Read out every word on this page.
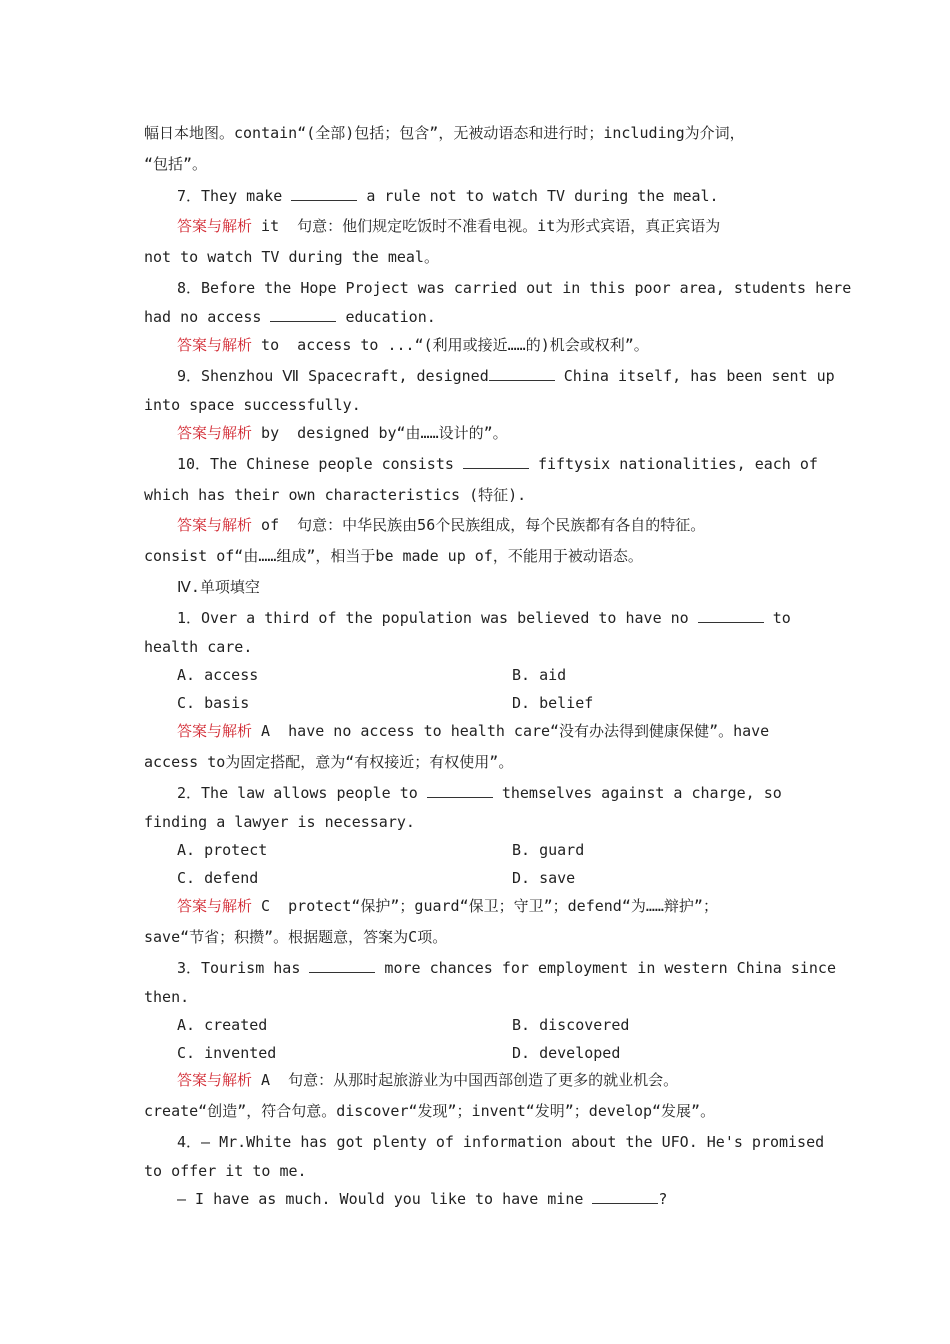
幅日本地图。contain“(全部)包括；包含”，无被动语态和进行时；including为介词，
“包括”。
7．They make	a rule not to watch TV during the meal.
答案与解析 it  句意：他们规定吃饭时不准看电视。it为形式宾语，真正宾语为
not to watch TV during the meal。
8．Before the Hope Project was carried out in this poor area, students here
had no access	education.
答案与解析 to  access to ...“(利用或接近……的)机会或权利”。
9．Shenzhou Ⅶ Spacecraft, designed	China itself, has been sent up
into space successfully.
答案与解析 by  designed by“由……设计的”。
10．The Chinese people consists	fiftysix nationalities, each of
which has their own characteristics (特征).
答案与解析 of  句意：中华民族由56个民族组成，每个民族都有各自的特征。
consist of“由……组成”，相当于be made up of，不能用于被动语态。
Ⅳ.单项填空
1．Over a third of the population was believed to have no	to
health care.
A. access	B. aid
C. basis	D. belief
答案与解析 A  have no access to health care“没有办法得到健康保健”。have
access to为固定搭配，意为“有权接近；有权使用”。
2．The law allows people to	themselves against a charge, so
finding a lawyer is necessary.
A. protect	B. guard
C. defend	D. save
答案与解析 C  protect“保护”；guard“保卫；守卫”；defend“为……辩护”；
save“节省；积攒”。根据题意，答案为C项。
3．Tourism has	more chances for employment in western China since
then.
A. created	B. discovered
C. invented	D. developed
答案与解析 A  句意：从那时起旅游业为中国西部创造了更多的就业机会。
create“创造”，符合句意。discover“发现”；invent“发明”；develop“发展”。
4．— Mr.White has got plenty of information about the UFO. He's promised
to offer it to me.
— I have as much. Would you like to have mine	?
